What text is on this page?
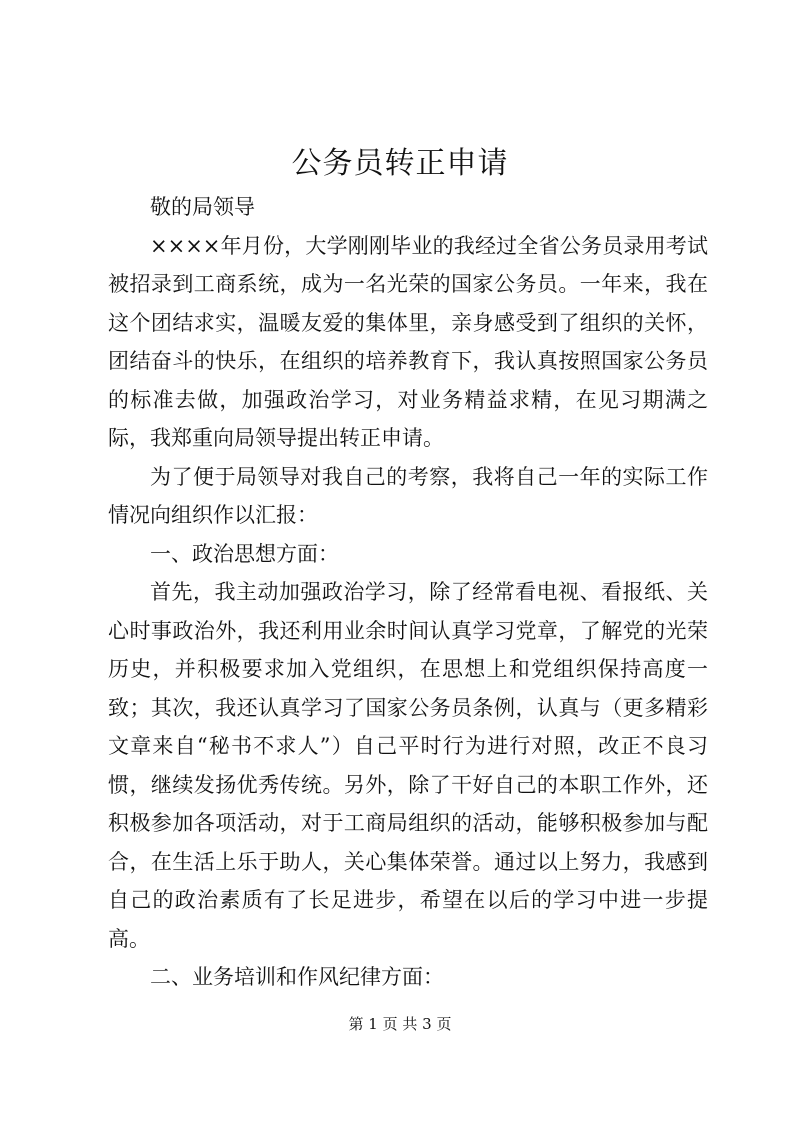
公务员转正申请

敬的局领导

××××年月份，大学刚刚毕业的我经过全省公务员录用考试被招录到工商系统，成为一名光荣的国家公务员。一年来，我在这个团结求实，温暖友爱的集体里，亲身感受到了组织的关怀，团结奋斗的快乐，在组织的培养教育下，我认真按照国家公务员的标准去做，加强政治学习，对业务精益求精，在见习期满之际，我郑重向局领导提出转正申请。

为了便于局领导对我自己的考察，我将自己一年的实际工作情况向组织作以汇报：

一、政治思想方面：

首先，我主动加强政治学习，除了经常看电视、看报纸、关心时事政治外，我还利用业余时间认真学习党章，了解党的光荣历史，并积极要求加入党组织，在思想上和党组织保持高度一致；其次，我还认真学习了国家公务员条例，认真与（更多精彩文章来自“秘书不求人”）自己平时行为进行对照，改正不良习惯，继续发扬优秀传统。另外，除了干好自己的本职工作外，还积极参加各项活动，对于工商局组织的活动，能够积极参加与配合，在生活上乐于助人，关心集体荣誉。通过以上努力，我感到自己的政治素质有了长足进步，希望在以后的学习中进一步提高。

二、业务培训和作风纪律方面：

第 1 页 共 3 页
